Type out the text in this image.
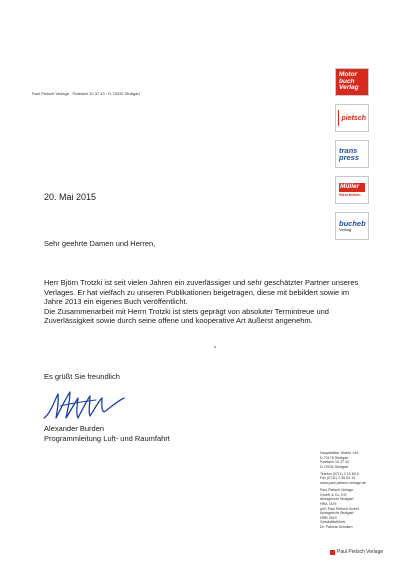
Paul Pietsch Verlage · Postfach 10 37 43 · D-70032 Stuttgart
Motor
buch
Verlag
pietsch
trans
press
Müller
Rüschlikon
bucheb
Verlag
20. Mai 2015
Sehr geehrte Damen und Herren,

Herr Björn Trotzki ist seit vielen Jahren ein zuverlässiger und sehr geschätzter Partner unseres Verlages. Er hat vielfach zu unseren Publikationen beigetragen, diese mit bebildert sowie im Jahre 2013 ein eigenes Buch veröffentlicht.

Die Zusammenarbeit mit Herrn Trotzki ist stets geprägt von absoluter Termintreue und Zuverlässigkeit sowie durch seine offene und kooperative Art äußerst angenehm.

Es grüßt Sie freundlich
Alexander Burden
Programmleitung Luft- und Raumfahrt

Hauptstätter Straße 149
D-70178 Stuttgart
Postfach 10 37 43
D-70032 Stuttgart

Telefon (0711) 2 10 80-0
Fax (0711) 2 36 04 15
www.paul-pietsch-verlage.de

Paul Pietsch Verlage
GmbH & Co. KG
Amtsgericht Stuttgart
HRA 7429
phG Paul Pietsch GmbH
Amtsgericht Stuttgart
HRB 2619
Geschäftsführer
Dr. Patricia Scholten

Paul Pietsch Verlage
